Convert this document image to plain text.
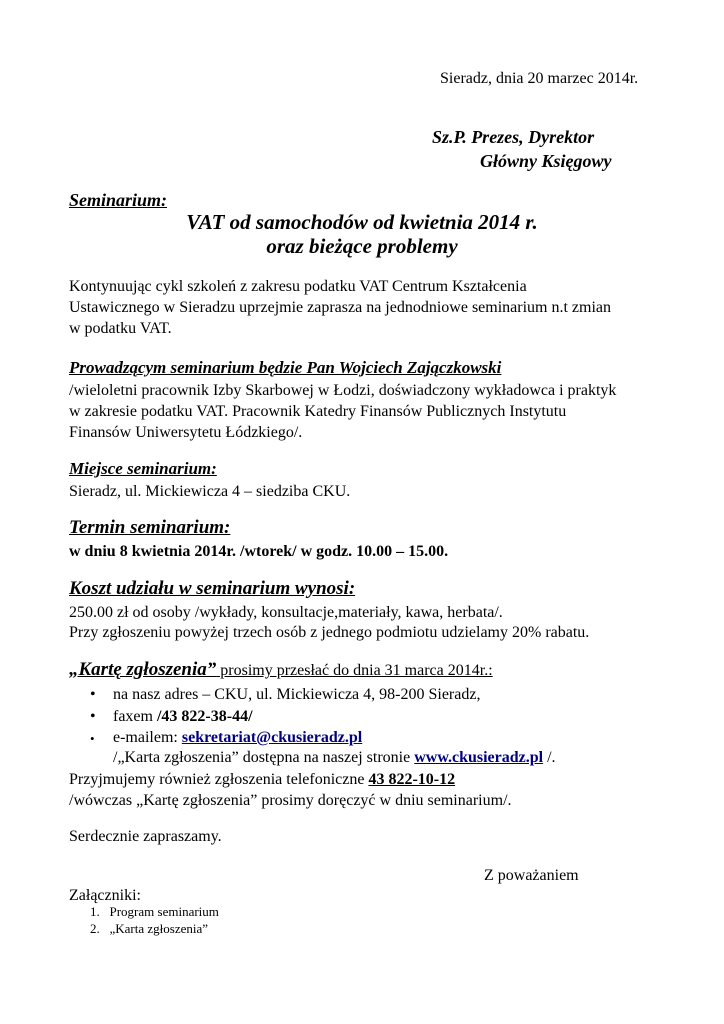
Sieradz, dnia 20 marzec 2014r.
Sz.P. Prezes, Dyrektor
Główny Księgowy
Seminarium:
VAT od samochodów od kwietnia 2014 r.
oraz bieżące problemy
Kontynuując cykl szkoleń z zakresu podatku VAT Centrum Kształcenia
Ustawicznego w Sieradzu uprzejmie zaprasza na jednodniowe seminarium n.t zmian
w podatku VAT.
Prowadzącym seminarium będzie Pan Wojciech Zajączkowski
/wieloletni pracownik Izby Skarbowej w Łodzi, doświadczony wykładowca i praktyk
w zakresie podatku VAT. Pracownik Katedry Finansów Publicznych Instytutu
Finansów Uniwersytetu Łódzkiego/.
Miejsce seminarium:
Sieradz, ul. Mickiewicza 4 – siedziba CKU.
Termin seminarium:
w dniu 8 kwietnia 2014r. /wtorek/ w godz. 10.00 – 15.00.
Koszt udziału w seminarium wynosi:
250.00 zł od osoby /wykłady, konsultacje,materiały, kawa, herbata/.
Przy zgłoszeniu powyżej trzech osób z jednego podmiotu udzielamy 20% rabatu.
„Kartę zgłoszenia” prosimy przesłać do dnia 31 marca 2014r.:
• na nasz adres – CKU, ul. Mickiewicza 4, 98-200 Sieradz,
• faxem /43 822-38-44/
• e-mailem: sekretariat@ckusieradz.pl
/„Karta zgłoszenia” dostępna na naszej stronie www.ckusieradz.pl /.
Przyjmujemy również zgłoszenia telefoniczne 43 822-10-12
/wówczas „Kartę zgłoszenia” prosimy doręczyć w dniu seminarium/.
Serdecznie zapraszamy.
Z poważaniem
Załączniki:
1. Program seminarium
2. „Karta zgłoszenia”
